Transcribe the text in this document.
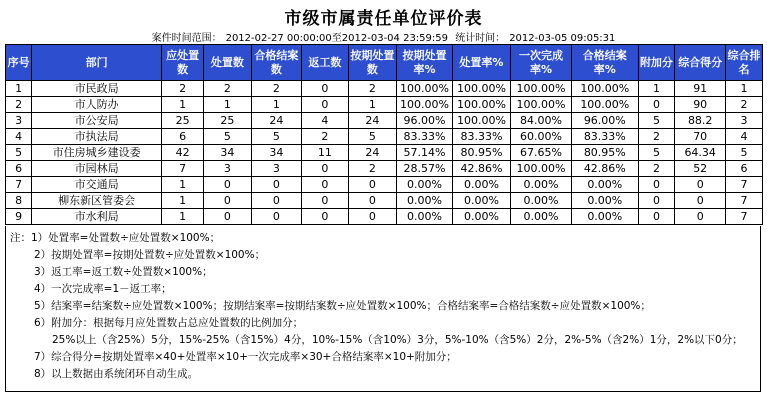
市级市属责任单位评价表
案件时间范围： 2012-02-27 00:00:00至2012-03-04 23:59:59 统计时间： 2012-03-05 09:05:31
序号	部门	应处置数	处置数	合格结案数	返工数	按期处置数	按期处置率%	处置率%	一次完成率%	合格结案率%	附加分	综合得分	综合排名
1	市民政局	2	2	2	0	2	100.00%	100.00%	100.00%	100.00%	1	91	1
2	市人防办	1	1	1	0	1	100.00%	100.00%	100.00%	100.00%	0	90	2
3	市公安局	25	25	24	4	24	96.00%	100.00%	84.00%	96.00%	5	88.2	3
4	市执法局	6	5	5	2	5	83.33%	83.33%	60.00%	83.33%	2	70	4
5	市住房城乡建设委	42	34	34	11	24	57.14%	80.95%	67.65%	80.95%	5	64.34	5
6	市园林局	7	3	3	0	2	28.57%	42.86%	100.00%	42.86%	2	52	6
7	市交通局	1	0	0	0	0	0.00%	0.00%	0.00%	0.00%	0	0	7
8	柳东新区管委会	1	0	0	0	0	0.00%	0.00%	0.00%	0.00%	0	0	7
9	市水利局	1	0	0	0	0	0.00%	0.00%	0.00%	0.00%	0	0	7
注：1）处置率=处置数÷应处置数×100%；
2）按期处置率=按期处置数÷应处置数×100%；
3）返工率=返工数÷处置数×100%；
4）一次完成率=1－返工率；
5）结案率=结案数÷应处置数×100%；按期结案率=按期结案数÷应处置数×100%；合格结案率=合格结案数÷应处置数×100%；
6）附加分：根据每月应处置数占总应处置数的比例加分；
25%以上（含25%）5分，15%-25%（含15%）4分，10%-15%（含10%）3分，5%-10%（含5%）2分，2%-5%（含2%）1分，2%以下0分；
7）综合得分=按期处置率×40+处置率×10+一次完成率×30+合格结案率×10+附加分；
8）以上数据由系统闭环自动生成。
